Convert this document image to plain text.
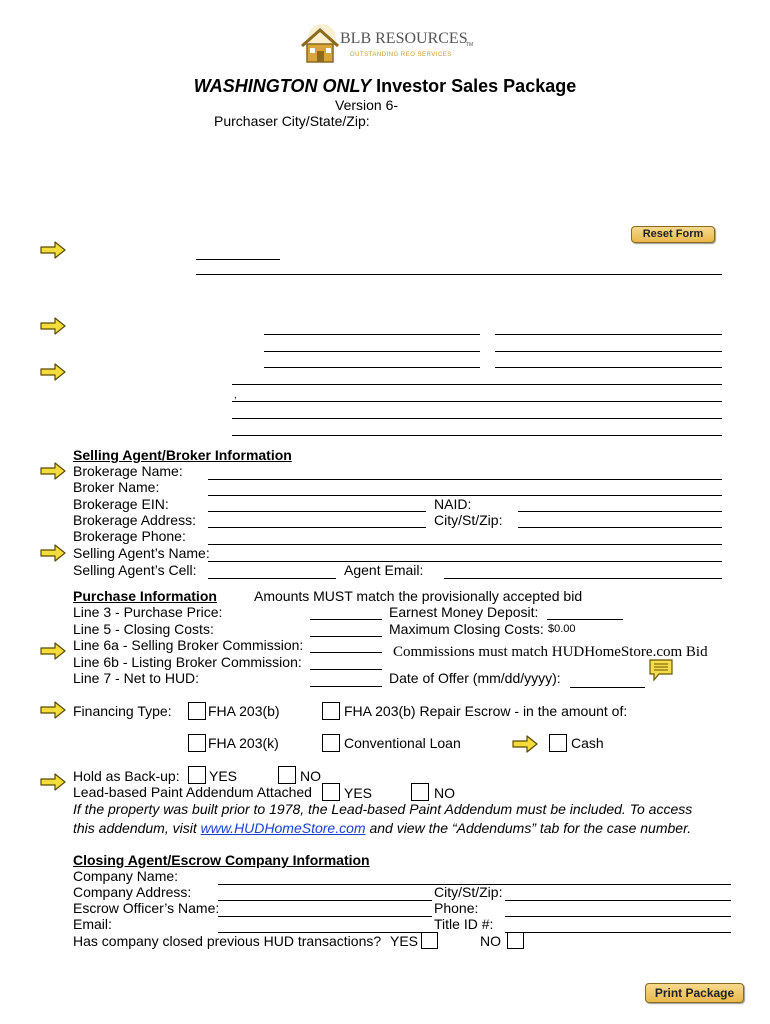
BLB RESOURCES
TM
OUTSTANDING REO SERVICES
WASHINGTON ONLY Investor Sales Package
Version 6-
Purchaser City/State/Zip:
Reset Form
,
Selling Agent/Broker Information
Brokerage Name:
Broker Name:
Brokerage EIN:	NAID:
Brokerage Address:	City/St/Zip:
Brokerage Phone:
Selling Agent’s Name:
Selling Agent’s Cell:	Agent Email:
Purchase Information	Amounts MUST match the provisionally accepted bid
Line 3 - Purchase Price:	Earnest Money Deposit:
Line 5 - Closing Costs:	Maximum Closing Costs: $0.00
Line 6a - Selling Broker Commission:	Commissions must match HUDHomeStore.com Bid
Line 6b - Listing Broker Commission:
Line 7 - Net to HUD:	Date of Offer (mm/dd/yyyy):
Financing Type:	FHA 203(b)	FHA 203(b) Repair Escrow - in the amount of:
FHA 203(k)	Conventional Loan	Cash
Hold as Back-up: YES	NO
Lead-based Paint Addendum Attached YES	NO
If the property was built prior to 1978, the Lead-based Paint Addendum must be included. To access
this addendum, visit www.HUDHomeStore.com and view the “Addendums” tab for the case number.
Closing Agent/Escrow Company Information
Company Name:
Company Address:	City/St/Zip:
Escrow Officer’s Name:	Phone:
Email:	Title ID #:
Has company closed previous HUD transactions? YES	NO
Print Package
